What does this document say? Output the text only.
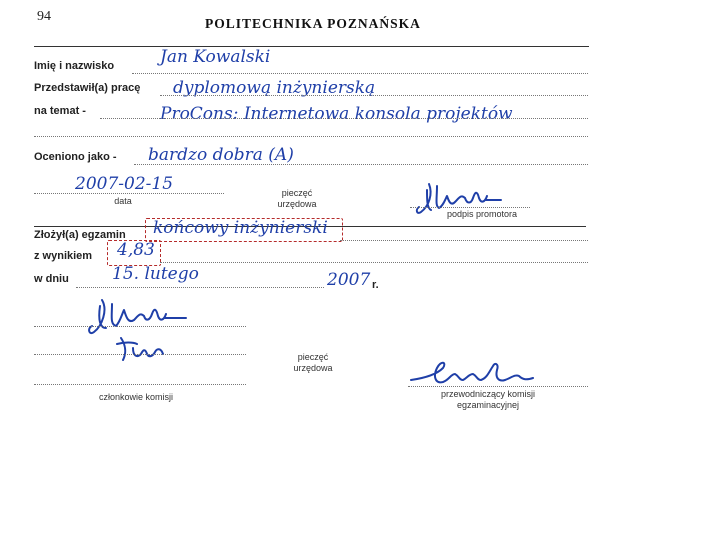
94	POLITECHNIKA POZNAŃSKA
Imię i nazwisko	Jan Kowalski
Przedstawił(a) pracę dyplomową inżynierską
na temat -	ProCons: Internetowa konsola projektów
Oceniono jako - bardzo dobra (A)
2007-02-15
data
pieczęć
urzędowa
podpis promotora
Złożył(a) egzamin końcowy inżynierski
z wynikiem 4,83
w dniu	15. lutego	2007 r.
pieczęć
urzędowa
członkowie komisji	przewodniczący komisji
egzaminacyjnej
